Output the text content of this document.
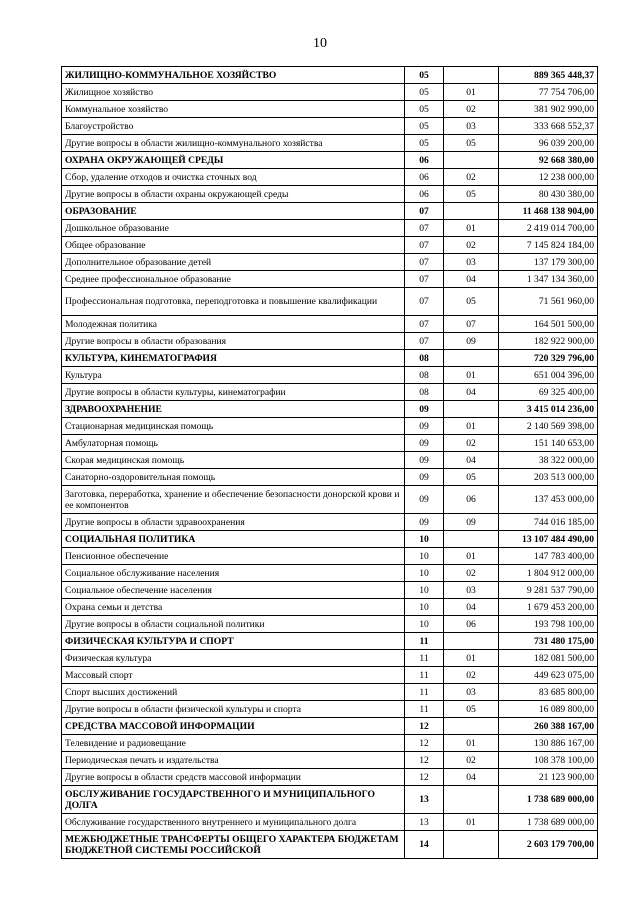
10
ЖИЛИЩНО-КОММУНАЛЬНОЕ ХОЗЯЙСТВО	05		889 365 448,37
Жилищное хозяйство	05	01	77 754 706,00
Коммунальное хозяйство	05	02	381 902 990,00
Благоустройство	05	03	333 668 552,37
Другие вопросы в области жилищно-коммунального хозяйства	05	05	96 039 200,00
ОХРАНА ОКРУЖАЮЩЕЙ СРЕДЫ	06		92 668 380,00
Сбор, удаление отходов и очистка сточных вод	06	02	12 238 000,00
Другие вопросы в области охраны окружающей среды	06	05	80 430 380,00
ОБРАЗОВАНИЕ	07		11 468 138 904,00
Дошкольное образование	07	01	2 419 014 700,00
Общее образование	07	02	7 145 824 184,00
Дополнительное образование детей	07	03	137 179 300,00
Среднее профессиональное образование	07	04	1 347 134 360,00
Профессиональная подготовка, переподготовка и повышение квалификации	07	05	71 561 960,00
Молодежная политика	07	07	164 501 500,00
Другие вопросы в области образования	07	09	182 922 900,00
КУЛЬТУРА, КИНЕМАТОГРАФИЯ	08		720 329 796,00
Культура	08	01	651 004 396,00
Другие вопросы в области культуры, кинематографии	08	04	69 325 400,00
ЗДРАВООХРАНЕНИЕ	09		3 415 014 236,00
Стационарная медицинская помощь	09	01	2 140 569 398,00
Амбулаторная помощь	09	02	151 140 653,00
Скорая медицинская помощь	09	04	38 322 000,00
Санаторно-оздоровительная помощь	09	05	203 513 000,00
Заготовка, переработка, хранение и обеспечение безопасности донорской крови и ее компонентов	09	06	137 453 000,00
Другие вопросы в области здравоохранения	09	09	744 016 185,00
СОЦИАЛЬНАЯ ПОЛИТИКА	10		13 107 484 490,00
Пенсионное обеспечение	10	01	147 783 400,00
Социальное обслуживание населения	10	02	1 804 912 000,00
Социальное обеспечение населения	10	03	9 281 537 790,00
Охрана семьи и детства	10	04	1 679 453 200,00
Другие вопросы в области социальной политики	10	06	193 798 100,00
ФИЗИЧЕСКАЯ КУЛЬТУРА И СПОРТ	11		731 480 175,00
Физическая культура	11	01	182 081 500,00
Массовый спорт	11	02	449 623 075,00
Спорт высших достижений	11	03	83 685 800,00
Другие вопросы в области физической культуры и спорта	11	05	16 089 800,00
СРЕДСТВА МАССОВОЙ ИНФОРМАЦИИ	12		260 388 167,00
Телевидение и радиовещание	12	01	130 886 167,00
Периодическая печать и издательства	12	02	108 378 100,00
Другие вопросы в области средств массовой информации	12	04	21 123 900,00
ОБСЛУЖИВАНИЕ ГОСУДАРСТВЕННОГО И МУНИЦИПАЛЬНОГО ДОЛГА	13		1 738 689 000,00
Обслуживание государственного внутреннего и муниципального долга	13	01	1 738 689 000,00
МЕЖБЮДЖЕТНЫЕ ТРАНСФЕРТЫ ОБЩЕГО ХАРАКТЕРА БЮДЖЕТАМ БЮДЖЕТНОЙ СИСТЕМЫ РОССИЙСКОЙ	14		2 603 179 700,00
